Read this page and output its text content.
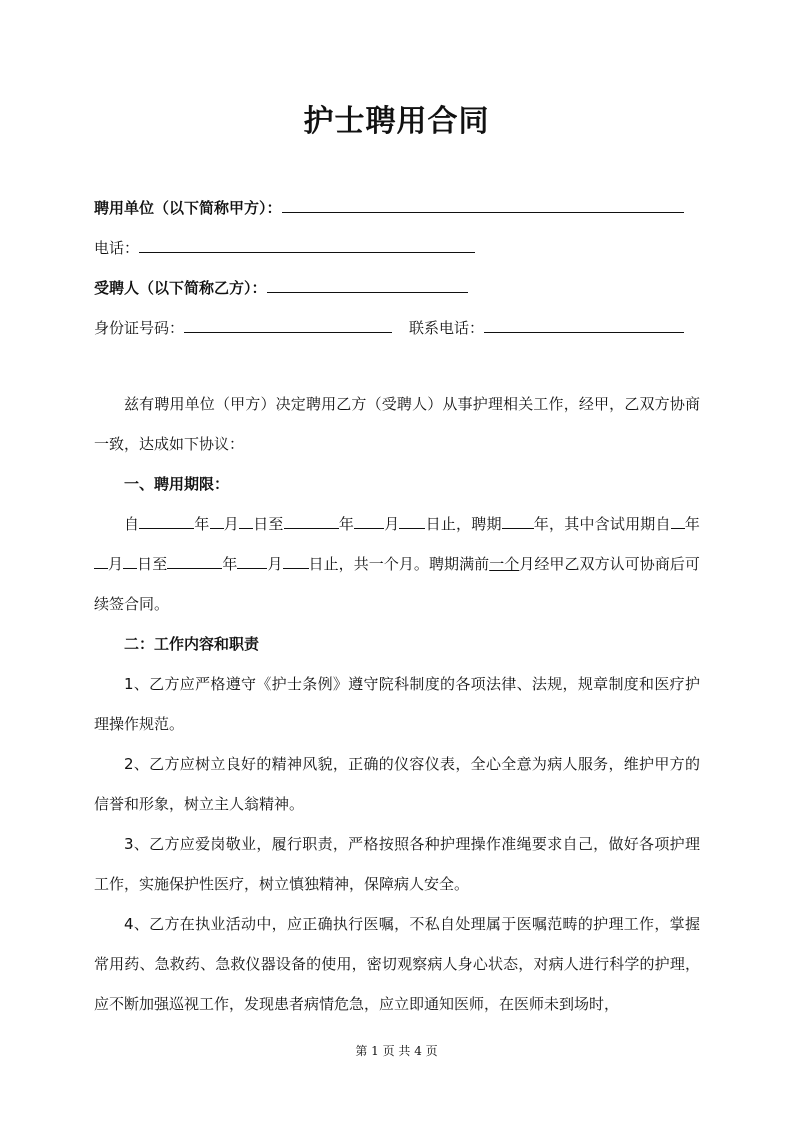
护士聘用合同
聘用单位（以下简称甲方）：
电话：
受聘人（以下简称乙方）：
身份证号码：	联系电话：
兹有聘用单位（甲方）决定聘用乙方（受聘人）从事护理相关工作，经甲，乙双方协商一致，达成如下协议：
一、聘用期限：
自	年 月 日至	年 月 日止，聘期 年，其中含试用期自 年月 日至	年 月 日止，共一个月。聘期满前一个月经甲乙双方认可协商后可续签合同。
二：工作内容和职责
1、乙方应严格遵守《护士条例》遵守院科制度的各项法律、法规，规章制度和医疗护理操作规范。
2、乙方应树立良好的精神风貌，正确的仪容仪表，全心全意为病人服务，维护甲方的信誉和形象，树立主人翁精神。
3、乙方应爱岗敬业，履行职责，严格按照各种护理操作准绳要求自己，做好各项护理工作，实施保护性医疗，树立慎独精神，保障病人安全。
4、乙方在执业活动中，应正确执行医嘱，不私自处理属于医嘱范畴的护理工作，掌握常用药、急救药、急救仪器设备的使用，密切观察病人身心状态，对病人进行科学的护理，应不断加强巡视工作，发现患者病情危急，应立即通知医师，在医师未到场时，
第 1 页 共 4 页
